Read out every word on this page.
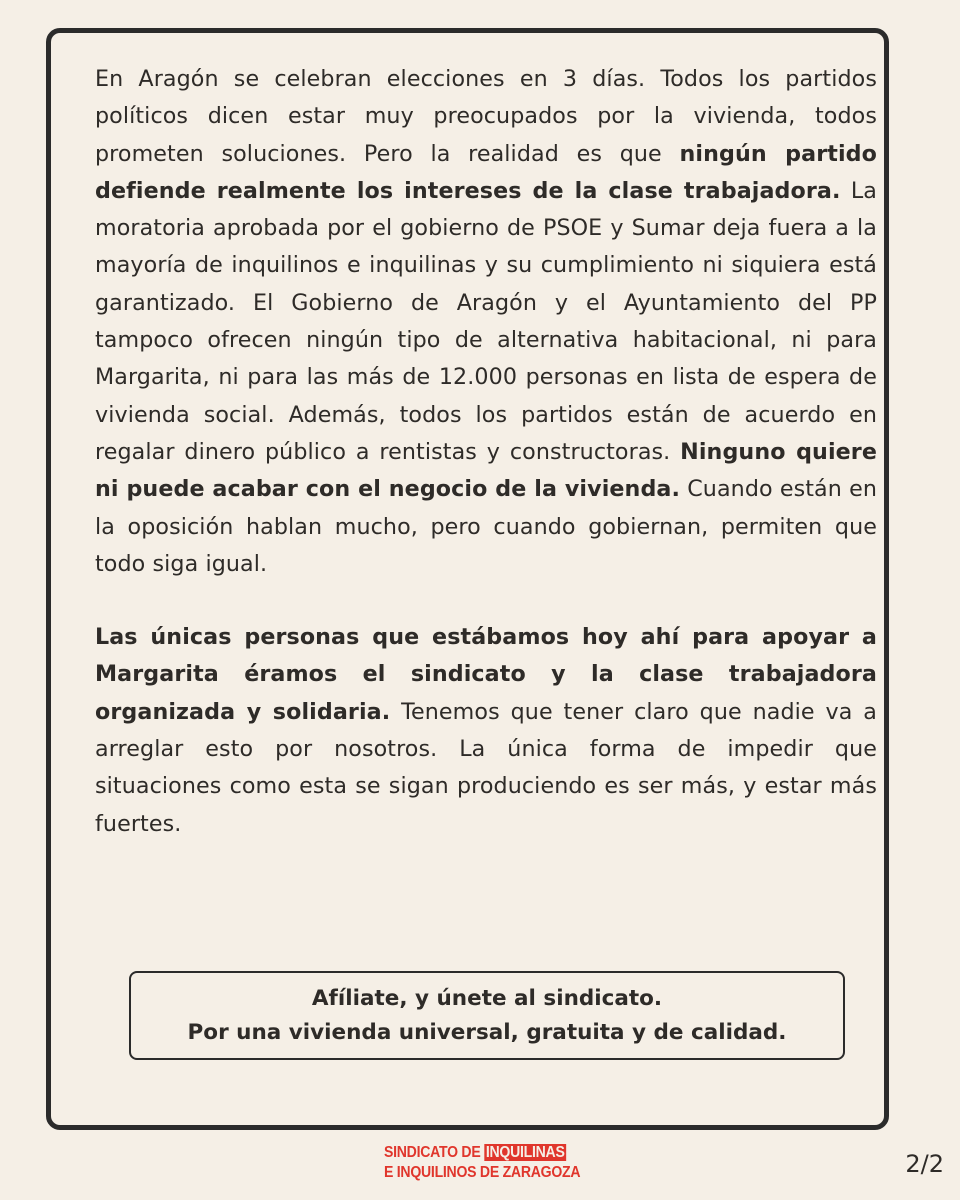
En Aragón se celebran elecciones en 3 días. Todos los partidos políticos dicen estar muy preocupados por la vivienda, todos prometen soluciones. Pero la realidad es que ningún partido defiende realmente los intereses de la clase trabajadora. La moratoria aprobada por el gobierno de PSOE y Sumar deja fuera a la mayoría de inquilinos e inquilinas y su cumplimiento ni siquiera está garantizado. El Gobierno de Aragón y el Ayuntamiento del PP tampoco ofrecen ningún tipo de alternativa habitacional, ni para Margarita, ni para las más de 12.000 personas en lista de espera de vivienda social. Además, todos los partidos están de acuerdo en regalar dinero público a rentistas y constructoras. Ninguno quiere ni puede acabar con el negocio de la vivienda. Cuando están en la oposición hablan mucho, pero cuando gobiernan, permiten que todo siga igual.

Las únicas personas que estábamos hoy ahí para apoyar a Margarita éramos el sindicato y la clase trabajadora organizada y solidaria. Tenemos que tener claro que nadie va a arreglar esto por nosotros. La única forma de impedir que situaciones como esta se sigan produciendo es ser más, y estar más fuertes.

Afíliate, y únete al sindicato.
Por una vivienda universal, gratuita y de calidad.
SINDICATO DE INQUILINAS
E INQUILINOS DE ZARAGOZA	2/2
